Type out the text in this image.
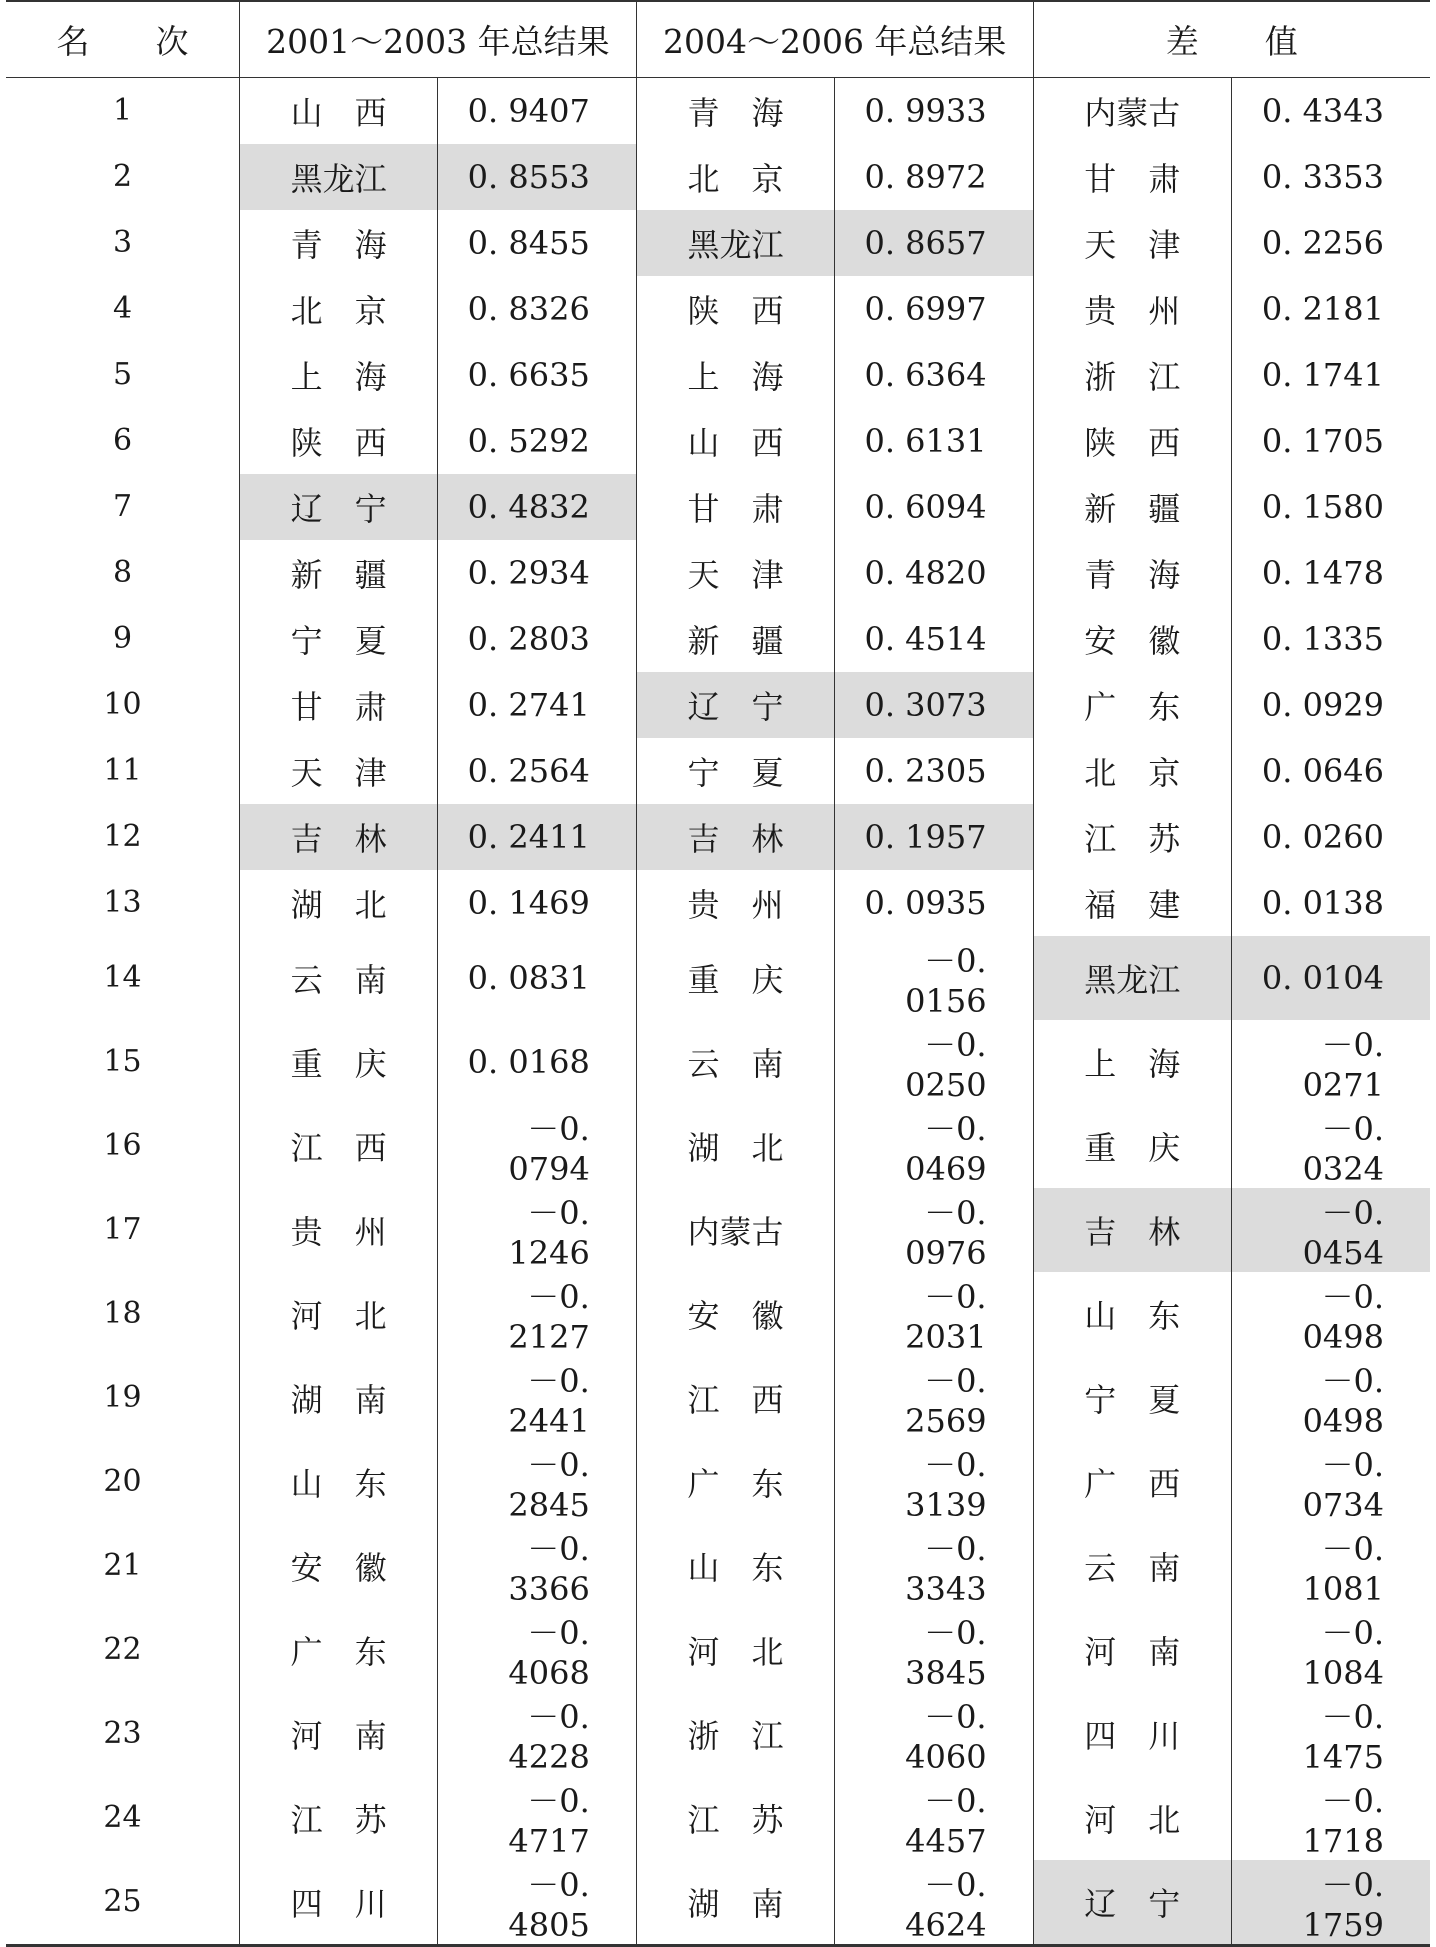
名　　次	2001～2003 年总结果		2004～2006 年总结果		差　　值	
1	山　西	0. 9407	青　海	0. 9933	内蒙古	0. 4343
2	黑龙江	0. 8553	北　京	0. 8972	甘　肃	0. 3353
3	青　海	0. 8455	黑龙江	0. 8657	天　津	0. 2256
4	北　京	0. 8326	陕　西	0. 6997	贵　州	0. 2181
5	上　海	0. 6635	上　海	0. 6364	浙　江	0. 1741
6	陕　西	0. 5292	山　西	0. 6131	陕　西	0. 1705
7	辽　宁	0. 4832	甘　肃	0. 6094	新　疆	0. 1580
8	新　疆	0. 2934	天　津	0. 4820	青　海	0. 1478
9	宁　夏	0. 2803	新　疆	0. 4514	安　徽	0. 1335
10	甘　肃	0. 2741	辽　宁	0. 3073	广　东	0. 0929
11	天　津	0. 2564	宁　夏	0. 2305	北　京	0. 0646
12	吉　林	0. 2411	吉　林	0. 1957	江　苏	0. 0260
13	湖　北	0. 1469	贵　州	0. 0935	福　建	0. 0138
14	云　南	0. 0831	重　庆	－0. 0156	黑龙江	0. 0104
15	重　庆	0. 0168	云　南	－0. 0250	上　海	－0. 0271
16	江　西	－0. 0794	湖　北	－0. 0469	重　庆	－0. 0324
17	贵　州	－0. 1246	内蒙古	－0. 0976	吉　林	－0. 0454
18	河　北	－0. 2127	安　徽	－0. 2031	山　东	－0. 0498
19	湖　南	－0. 2441	江　西	－0. 2569	宁　夏	－0. 0498
20	山　东	－0. 2845	广　东	－0. 3139	广　西	－0. 0734
21	安　徽	－0. 3366	山　东	－0. 3343	云　南	－0. 1081
22	广　东	－0. 4068	河　北	－0. 3845	河　南	－0. 1084
23	河　南	－0. 4228	浙　江	－0. 4060	四　川	－0. 1475
24	江　苏	－0. 4717	江　苏	－0. 4457	河　北	－0. 1718
25	四　川	－0. 4805	湖　南	－0. 4624	辽　宁	－0. 1759
